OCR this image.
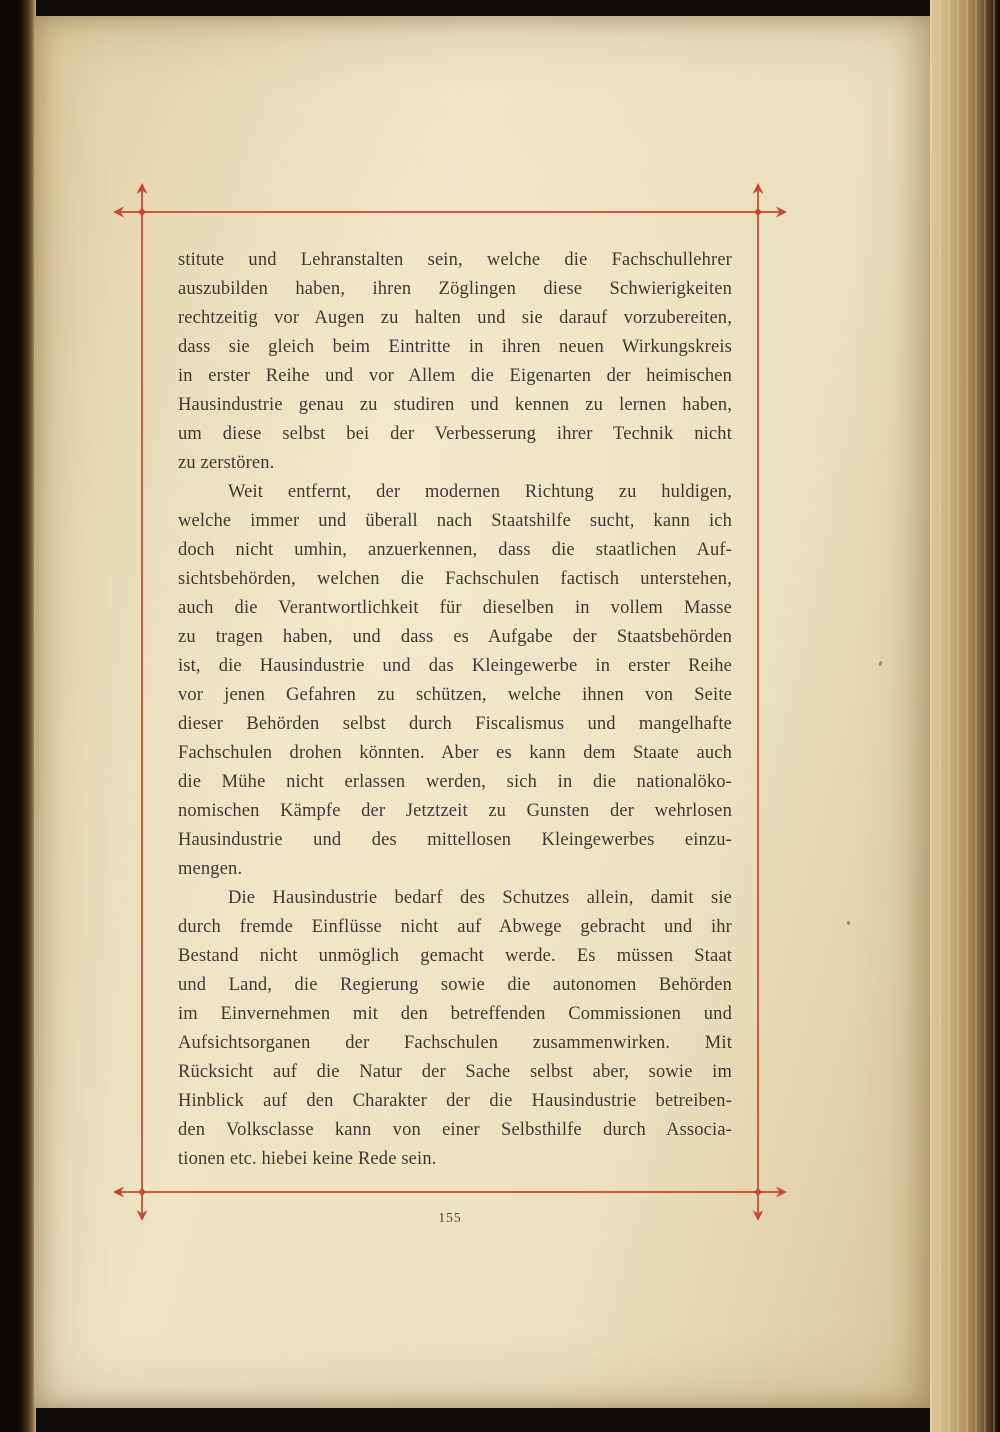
stitute und Lehranstalten sein, welche die Fachschullehrer
auszubilden haben, ihren Zöglingen diese Schwierigkeiten
rechtzeitig vor Augen zu halten und sie darauf vorzubereiten,
dass sie gleich beim Eintritte in ihren neuen Wirkungskreis
in erster Reihe und vor Allem die Eigenarten der heimischen
Hausindustrie genau zu studiren und kennen zu lernen haben,
um diese selbst bei der Verbesserung ihrer Technik nicht
zu zerstören.
Weit entfernt, der modernen Richtung zu huldigen,
welche immer und überall nach Staatshilfe sucht, kann ich
doch nicht umhin, anzuerkennen, dass die staatlichen Auf-
sichtsbehörden, welchen die Fachschulen factisch unterstehen,
auch die Verantwortlichkeit für dieselben in vollem Masse
zu tragen haben, und dass es Aufgabe der Staatsbehörden
ist, die Hausindustrie und das Kleingewerbe in erster Reihe
vor jenen Gefahren zu schützen, welche ihnen von Seite
dieser Behörden selbst durch Fiscalismus und mangelhafte
Fachschulen drohen könnten. Aber es kann dem Staate auch
die Mühe nicht erlassen werden, sich in die nationalöko-
nomischen Kämpfe der Jetztzeit zu Gunsten der wehrlosen
Hausindustrie und des mittellosen Kleingewerbes einzu-
mengen.
Die Hausindustrie bedarf des Schutzes allein, damit sie
durch fremde Einflüsse nicht auf Abwege gebracht und ihr
Bestand nicht unmöglich gemacht werde. Es müssen Staat
und Land, die Regierung sowie die autonomen Behörden
im Einvernehmen mit den betreffenden Commissionen und
Aufsichtsorganen der Fachschulen zusammenwirken. Mit
Rücksicht auf die Natur der Sache selbst aber, sowie im
Hinblick auf den Charakter der die Hausindustrie betreiben-
den Volksclasse kann von einer Selbsthilfe durch Associa-
tionen etc. hiebei keine Rede sein.
155
